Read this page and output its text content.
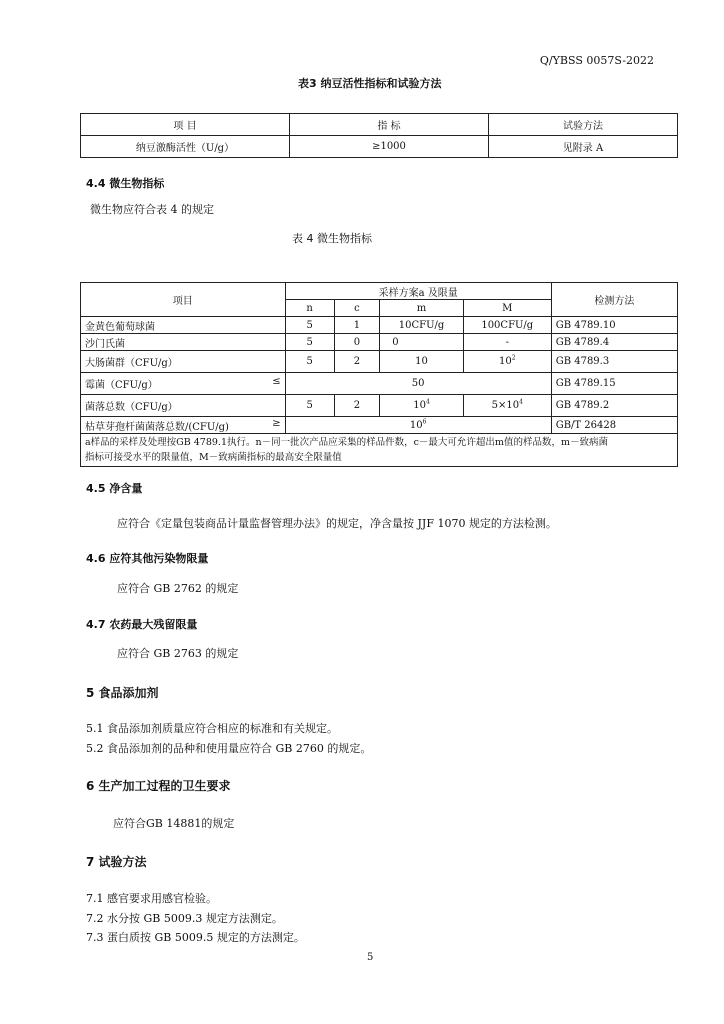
Q/YBSS 0057S-2022
表3 纳豆活性指标和试验方法
项 目	指 标	试验方法
纳豆激酶活性（U/g）	≥1000	见附录 A
4.4 微生物指标
微生物应符合表 4 的规定
表 4 微生物指标
项目	采样方案a 及限量				检测方法
	n	c	m	M	
金黄色葡萄球菌	5	1	10CFU/g	100CFU/g	GB 4789.10
沙门氏菌	5	0	0	-	GB 4789.4
大肠菌群（CFU/g）	5	2	10	$10^2$	GB 4789.3
霉菌（CFU/g） ≤	50				GB 4789.15
菌落总数（CFU/g）	5	2	$10^4$	$5\times 10^4$	GB 4789.2
枯草芽孢杆菌菌落总数/(CFU/g) ≥	$10^6$				GB/T 26428

a样品的采样及处理按GB 4789.1执行。n－同一批次产品应采集的样品件数，c－最大可允许超出m值的样品数，m－致病菌
指标可接受水平的限量值，M－致病菌指标的最高安全限量值					
4.5 净含量
应符合《定量包装商品计量监督管理办法》的规定，净含量按 JJF 1070 规定的方法检测。
4.6 应符其他污染物限量
应符合 GB 2762 的规定
4.7 农药最大残留限量
应符合 GB 2763 的规定
5 食品添加剂
5.1 食品添加剂质量应符合相应的标准和有关规定。
5.2 食品添加剂的品种和使用量应符合 GB 2760 的规定。
6 生产加工过程的卫生要求
应符合GB 14881的规定
7 试验方法
7.1 感官要求用感官检验。
7.2 水分按 GB 5009.3 规定方法测定。
7.3 蛋白质按 GB 5009.5 规定的方法测定。
5
